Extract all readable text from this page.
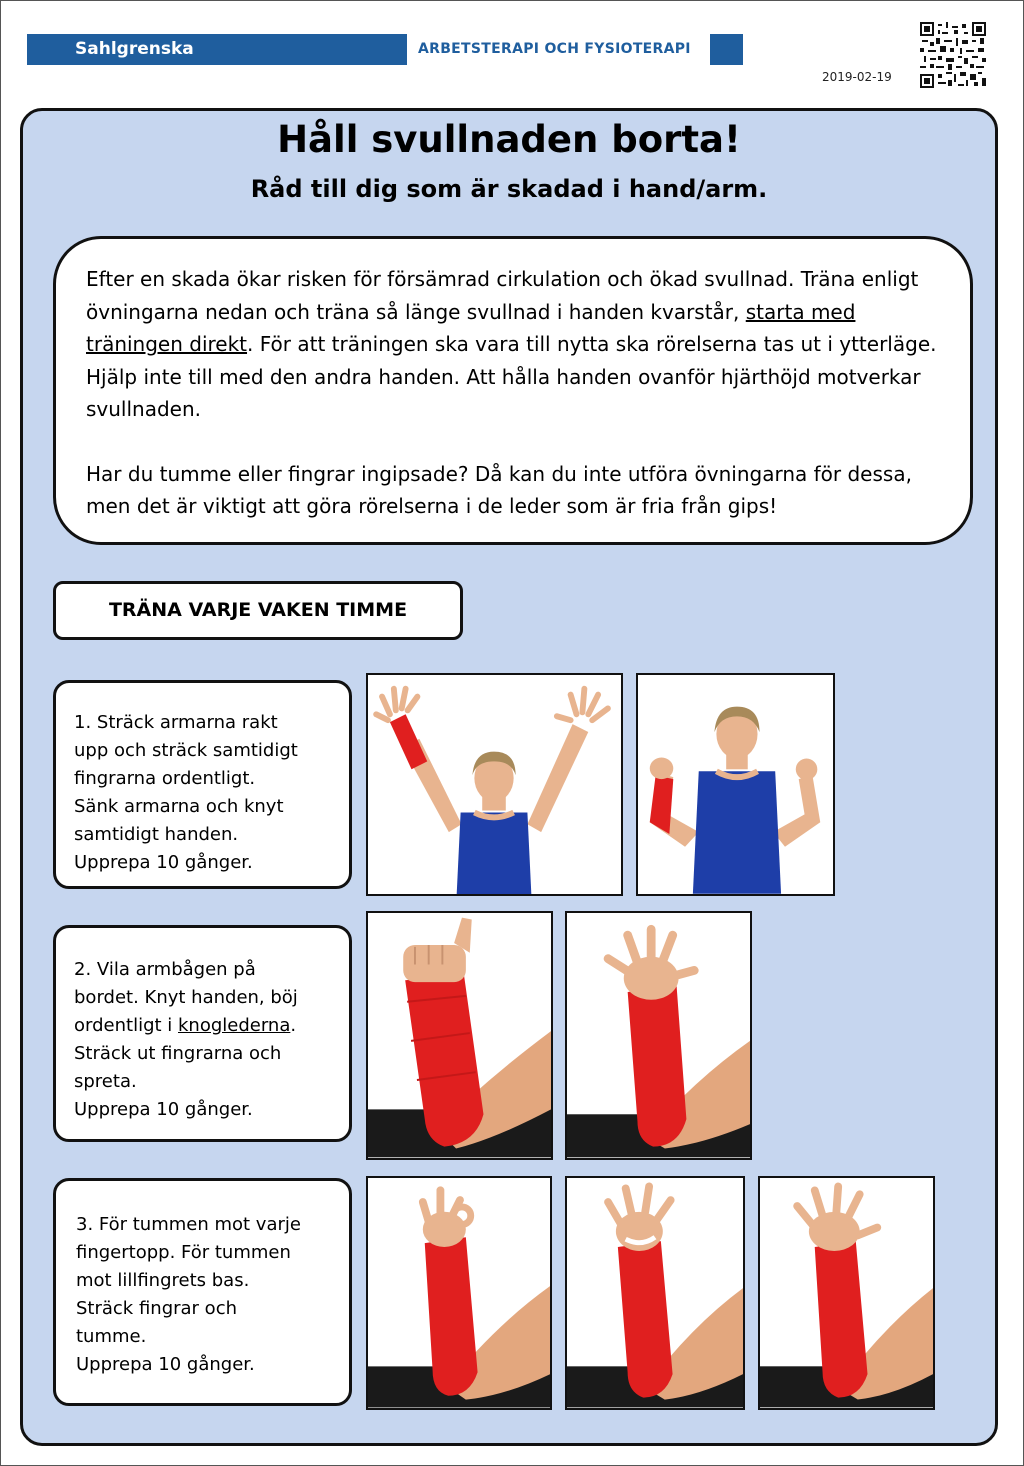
Sahlgrenska Universitetssjukhuset
ARBETSTERAPI OCH FYSIOTERAPI
2019-02-19
Håll svullnaden borta!
Råd till dig som är skadad i hand/arm.

Efter en skada ökar risken för försämrad cirkulation och ökad svullnad. Träna enligt övningarna nedan och träna så länge svullnad i handen kvarstår, starta med träningen direkt. För att träningen ska vara till nytta ska rörelserna tas ut i ytterläge. Hjälp inte till med den andra handen. Att hålla handen ovanför hjärthöjd motverkar svullnaden.

Har du tumme eller fingrar ingipsade? Då kan du inte utföra övningarna för dessa, men det är viktigt att göra rörelserna i de leder som är fria från gips!

TRÄNA VARJE VAKEN TIMME

1. Sträck armarna rakt

upp och sträck samtidigt

fingrarna ordentligt.

Sänk armarna och knyt

samtidigt handen.

Upprepa 10 gånger.

2. Vila armbågen på

bordet. Knyt handen, böj

ordentligt i knoglederna.

Sträck ut fingrarna och

spreta.

Upprepa 10 gånger.

3. För tummen mot varje

fingertopp. För tummen

mot lillfingrets bas.

Sträck fingrar och

tumme.

Upprepa 10 gånger.
